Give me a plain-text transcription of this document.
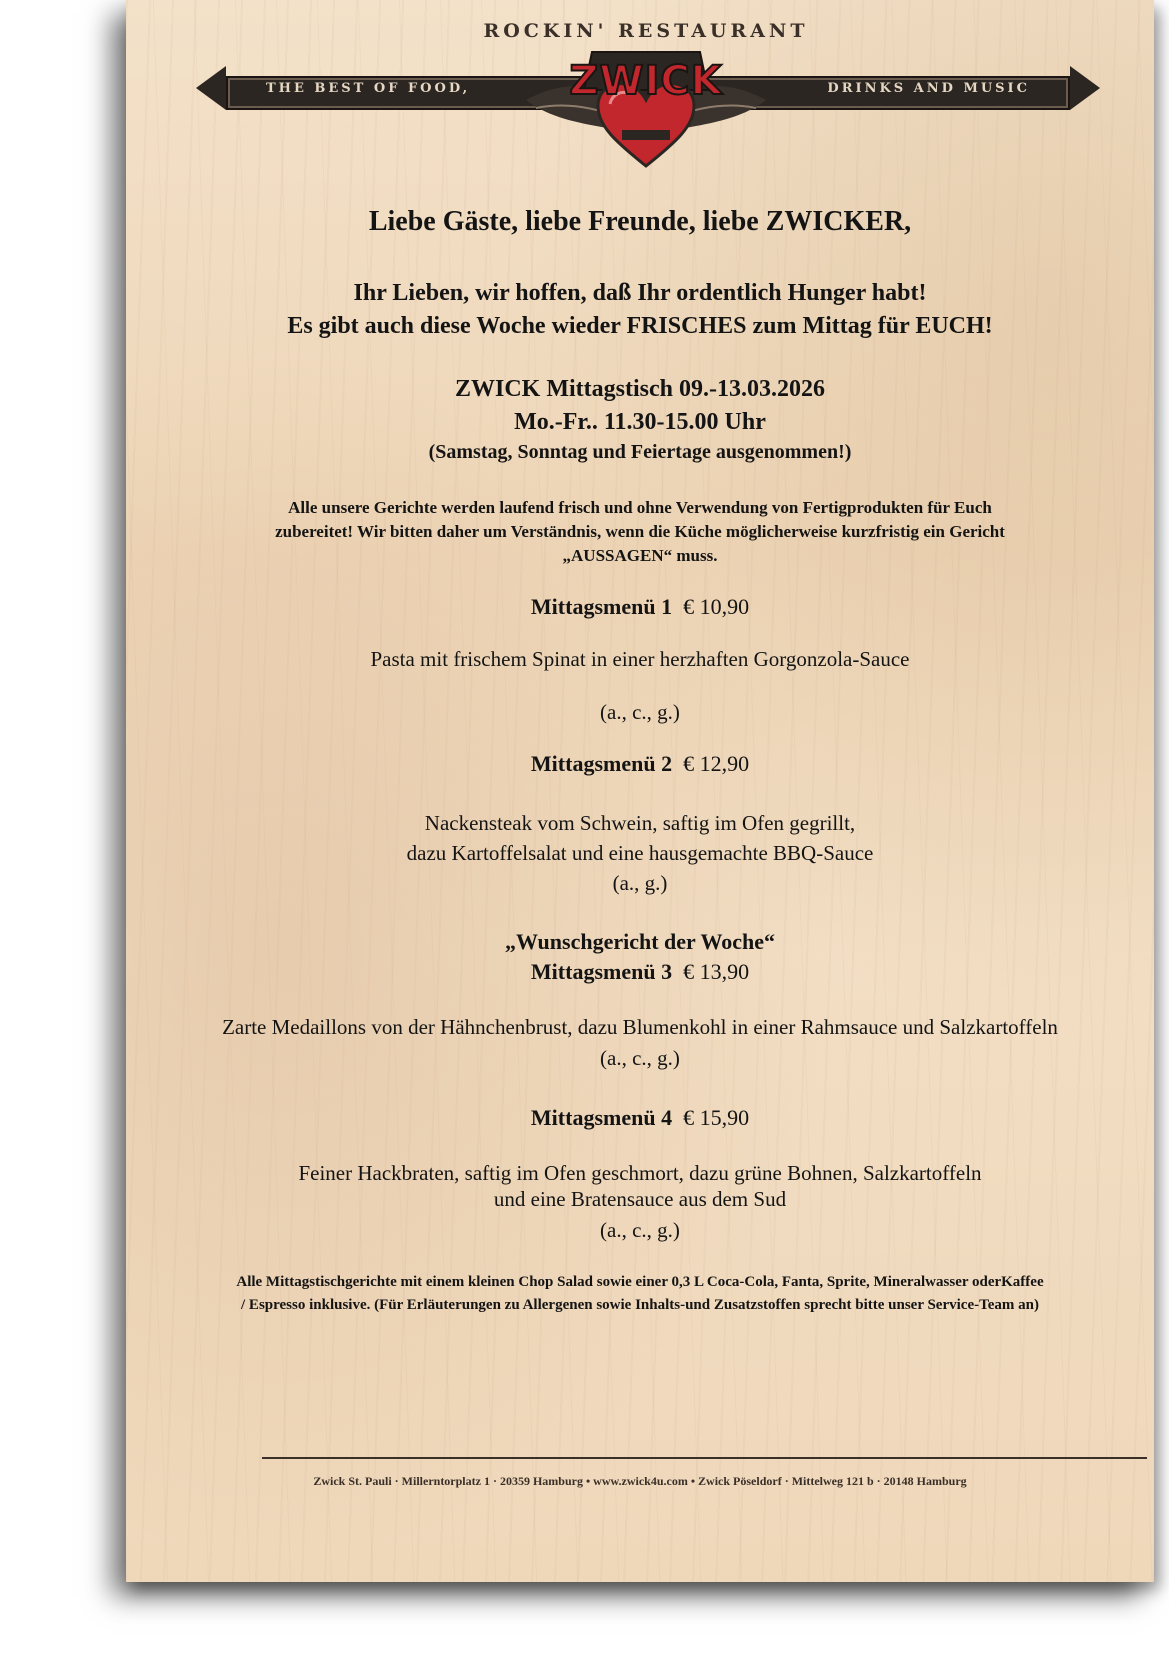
ROCKIN' RESTAURANT
THE BEST OF FOOD,	DRINKS AND MUSIC
ZWICK
Liebe Gäste, liebe Freunde, liebe ZWICKER,
Ihr Lieben, wir hoffen, daß Ihr ordentlich Hunger habt!
Es gibt auch diese Woche wieder FRISCHES zum Mittag für EUCH!
ZWICK Mittagstisch 09.-13.03.2026
Mo.-Fr.. 11.30-15.00 Uhr
(Samstag, Sonntag und Feiertage ausgenommen!)
Alle unsere Gerichte werden laufend frisch und ohne Verwendung von Fertigprodukten für Euch
zubereitet! Wir bitten daher um Verständnis, wenn die Küche möglicherweise kurzfristig ein Gericht
„AUSSAGEN“ muss.
Mittagsmenü 1 € 10,90
Pasta mit frischem Spinat in einer herzhaften Gorgonzola-Sauce
(a., c., g.)
Mittagsmenü 2 € 12,90
Nackensteak vom Schwein, saftig im Ofen gegrillt,
dazu Kartoffelsalat und eine hausgemachte BBQ-Sauce
(a., g.)
„Wunschgericht der Woche“
Mittagsmenü 3 € 13,90
Zarte Medaillons von der Hähnchenbrust, dazu Blumenkohl in einer Rahmsauce und Salzkartoffeln
(a., c., g.)
Mittagsmenü 4 € 15,90
Feiner Hackbraten, saftig im Ofen geschmort, dazu grüne Bohnen, Salzkartoffeln
und eine Bratensauce aus dem Sud
(a., c., g.)
Alle Mittagstischgerichte mit einem kleinen Chop Salad sowie einer 0,3 L Coca-Cola, Fanta, Sprite, Mineralwasser oderKaffee
/ Espresso inklusive. (Für Erläuterungen zu Allergenen sowie Inhalts-und Zusatzstoffen sprecht bitte unser Service-Team an)
Zwick St. Pauli · Millerntorplatz 1 · 20359 Hamburg • www.zwick4u.com • Zwick Pöseldorf · Mittelweg 121 b · 20148 Hamburg
